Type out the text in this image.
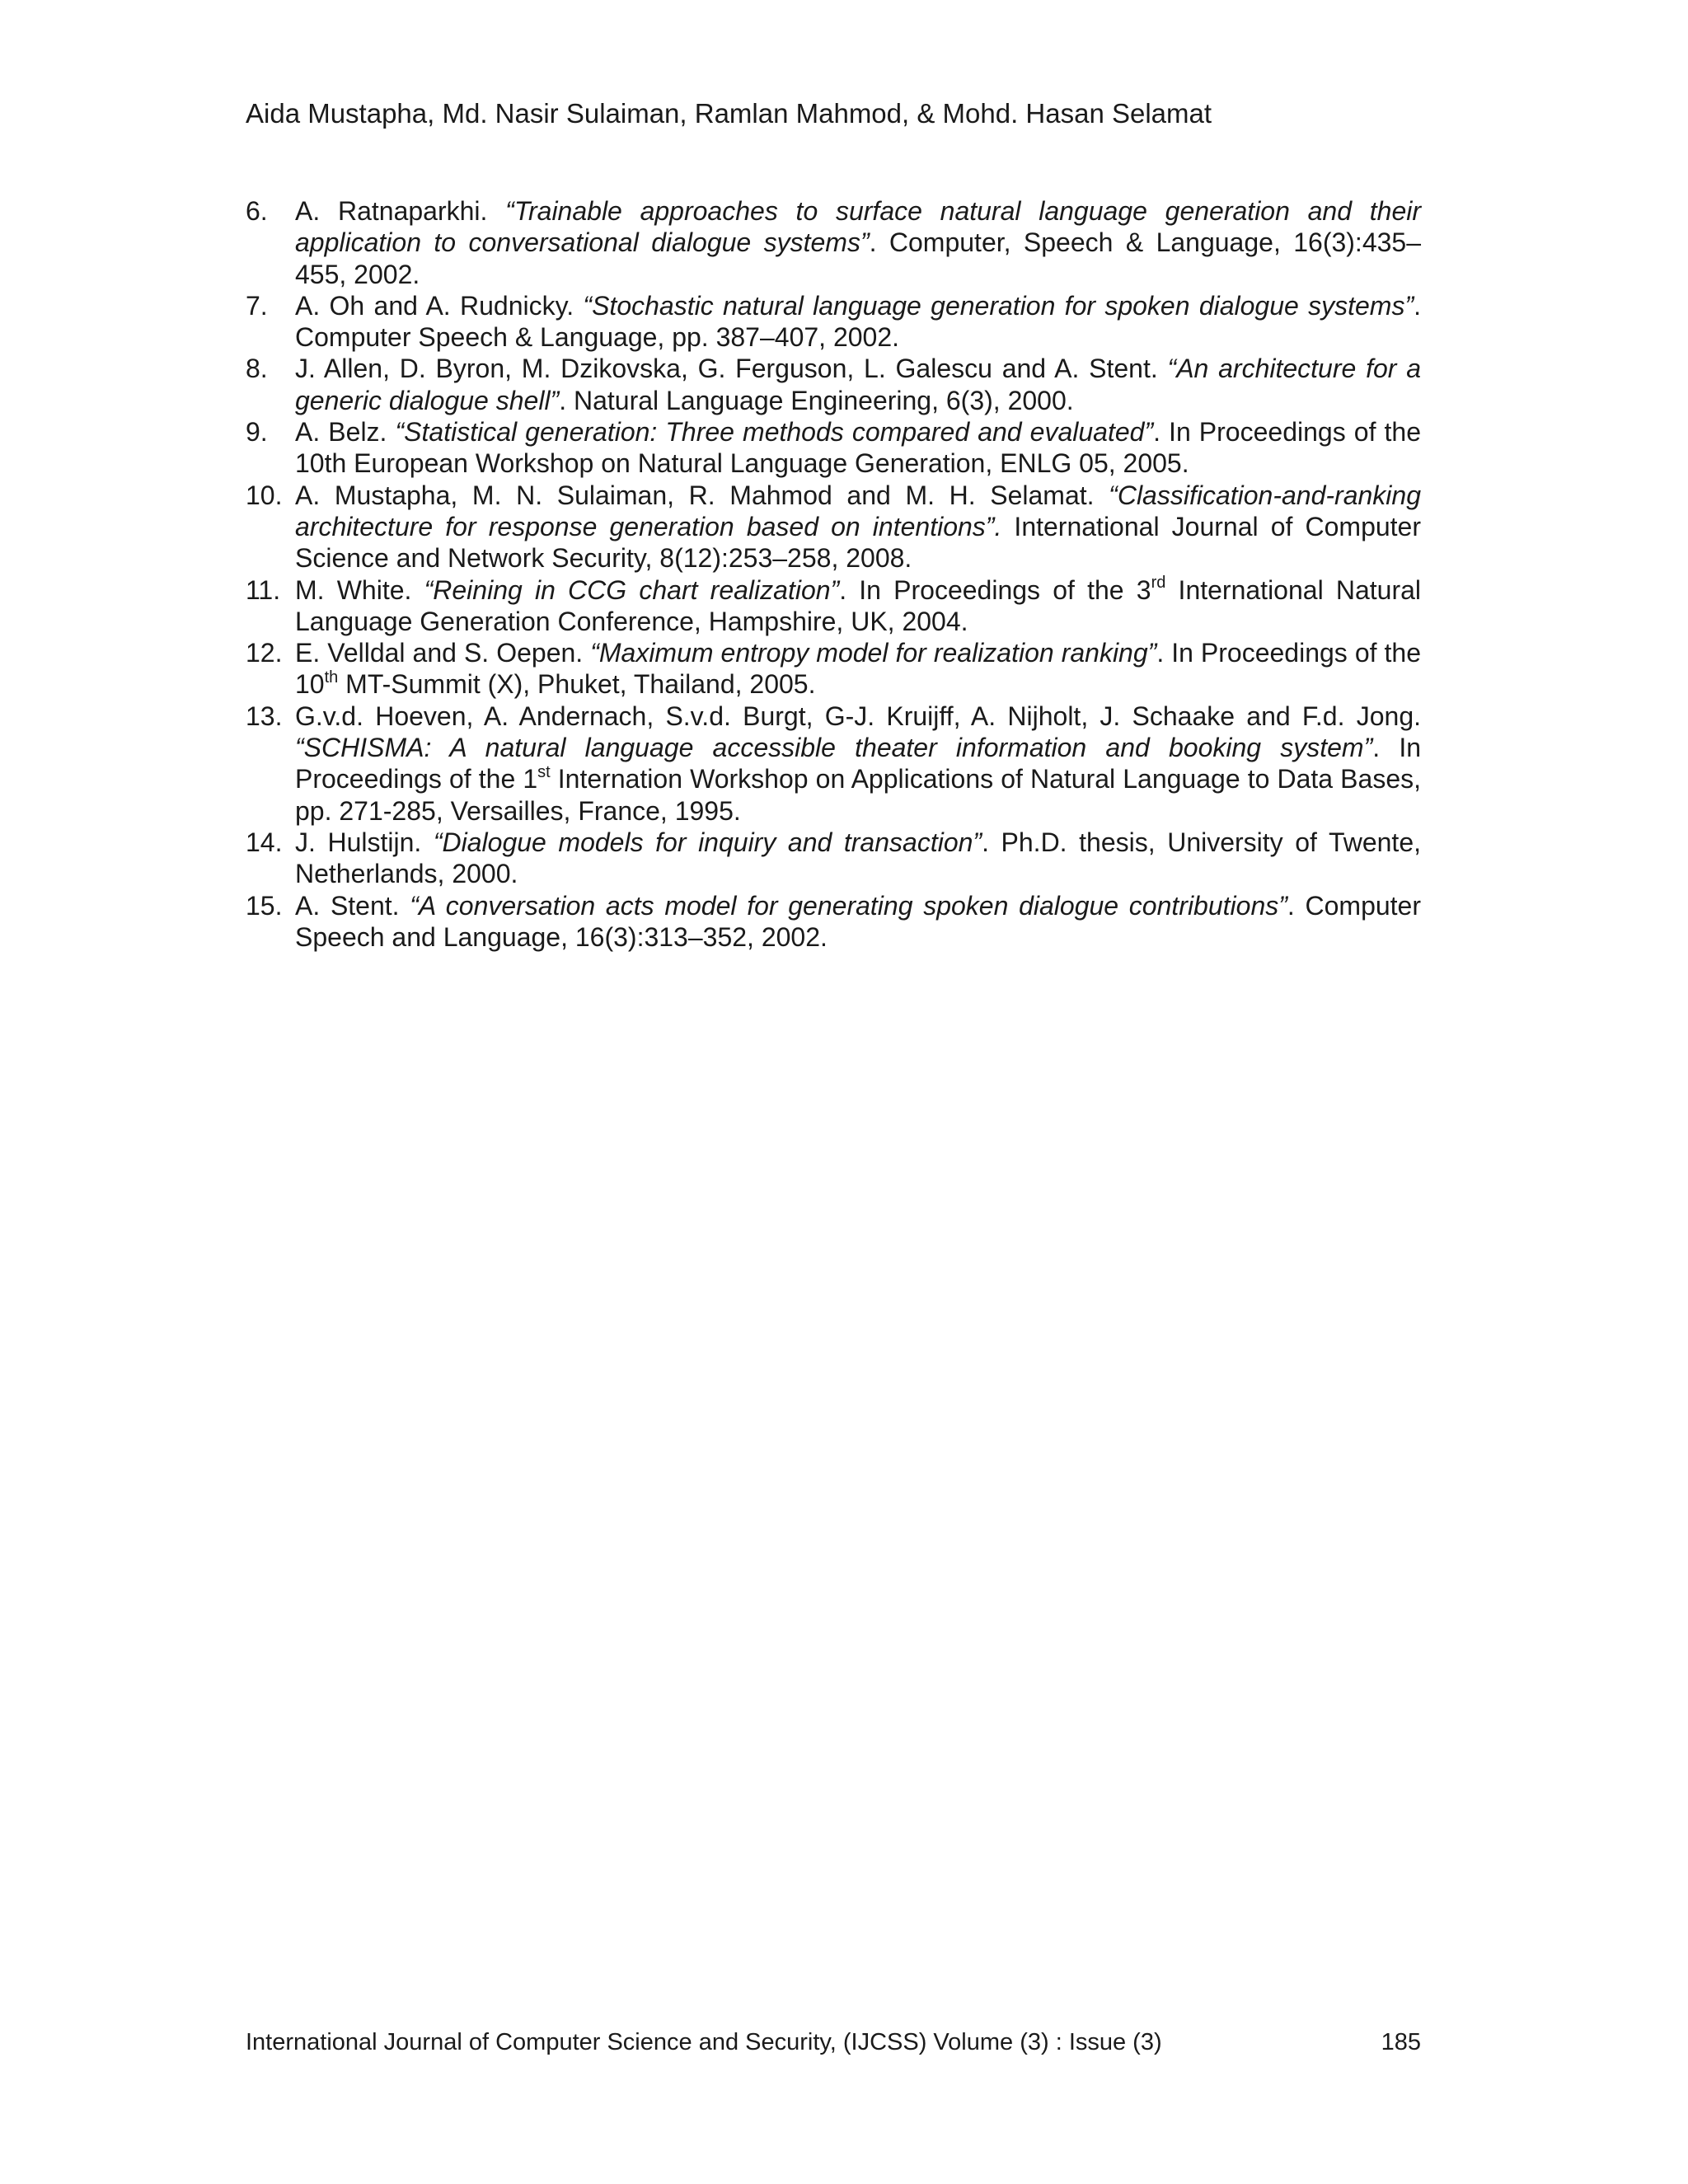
Aida Mustapha, Md. Nasir Sulaiman, Ramlan Mahmod, & Mohd. Hasan Selamat
6. A. Ratnaparkhi. “Trainable approaches to surface natural language generation and their application to conversational dialogue systems”. Computer, Speech & Language, 16(3):435–455, 2002.
7. A. Oh and A. Rudnicky. “Stochastic natural language generation for spoken dialogue systems”. Computer Speech & Language, pp. 387–407, 2002.
8. J. Allen, D. Byron, M. Dzikovska, G. Ferguson, L. Galescu and A. Stent. “An architecture for a generic dialogue shell”. Natural Language Engineering, 6(3), 2000.
9. A. Belz. “Statistical generation: Three methods compared and evaluated”. In Proceedings of the 10th European Workshop on Natural Language Generation, ENLG 05, 2005.
10. A. Mustapha, M. N. Sulaiman, R. Mahmod and M. H. Selamat. “Classification-and-ranking architecture for response generation based on intentions”. International Journal of Computer Science and Network Security, 8(12):253–258, 2008.
11. M. White. “Reining in CCG chart realization”. In Proceedings of the 3rd International Natural Language Generation Conference, Hampshire, UK, 2004.
12. E. Velldal and S. Oepen. “Maximum entropy model for realization ranking”. In Proceedings of the 10th MT-Summit (X), Phuket, Thailand, 2005.
13. G.v.d. Hoeven, A. Andernach, S.v.d. Burgt, G-J. Kruijff, A. Nijholt, J. Schaake and F.d. Jong. “SCHISMA: A natural language accessible theater information and booking system”. In Proceedings of the 1st Internation Workshop on Applications of Natural Language to Data Bases, pp. 271-285, Versailles, France, 1995.
14. J. Hulstijn. “Dialogue models for inquiry and transaction”. Ph.D. thesis, University of Twente, Netherlands, 2000.
15. A. Stent. “A conversation acts model for generating spoken dialogue contributions”. Computer Speech and Language, 16(3):313–352, 2002.
International Journal of Computer Science and Security, (IJCSS) Volume (3) : Issue (3)	185
